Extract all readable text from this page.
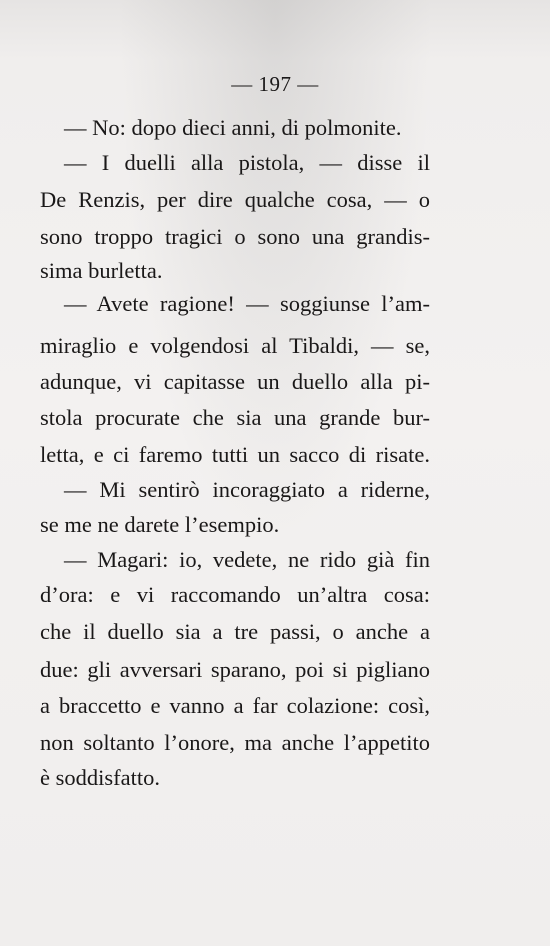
— 197 —
— No: dopo dieci anni, di polmonite.
— I duelli alla pistola, — disse il
De Renzis, per dire qualche cosa, — o
sono troppo tragici o sono una grandis-
sima burletta.
— Avete ragione! — soggiunse l’am-
miraglio e volgendosi al Tibaldi, — se,
adunque, vi capitasse un duello alla pi-
stola procurate che sia una grande bur-
letta, e ci faremo tutti un sacco di risate.
— Mi sentirò incoraggiato a riderne,
se me ne darete l’esempio.
— Magari: io, vedete, ne rido già fin
d’ora: e vi raccomando un’altra cosa:
che il duello sia a tre passi, o anche a
due: gli avversari sparano, poi si pigliano
a braccetto e vanno a far colazione: così,
non soltanto l’onore, ma anche l’appetito
è soddisfatto.
